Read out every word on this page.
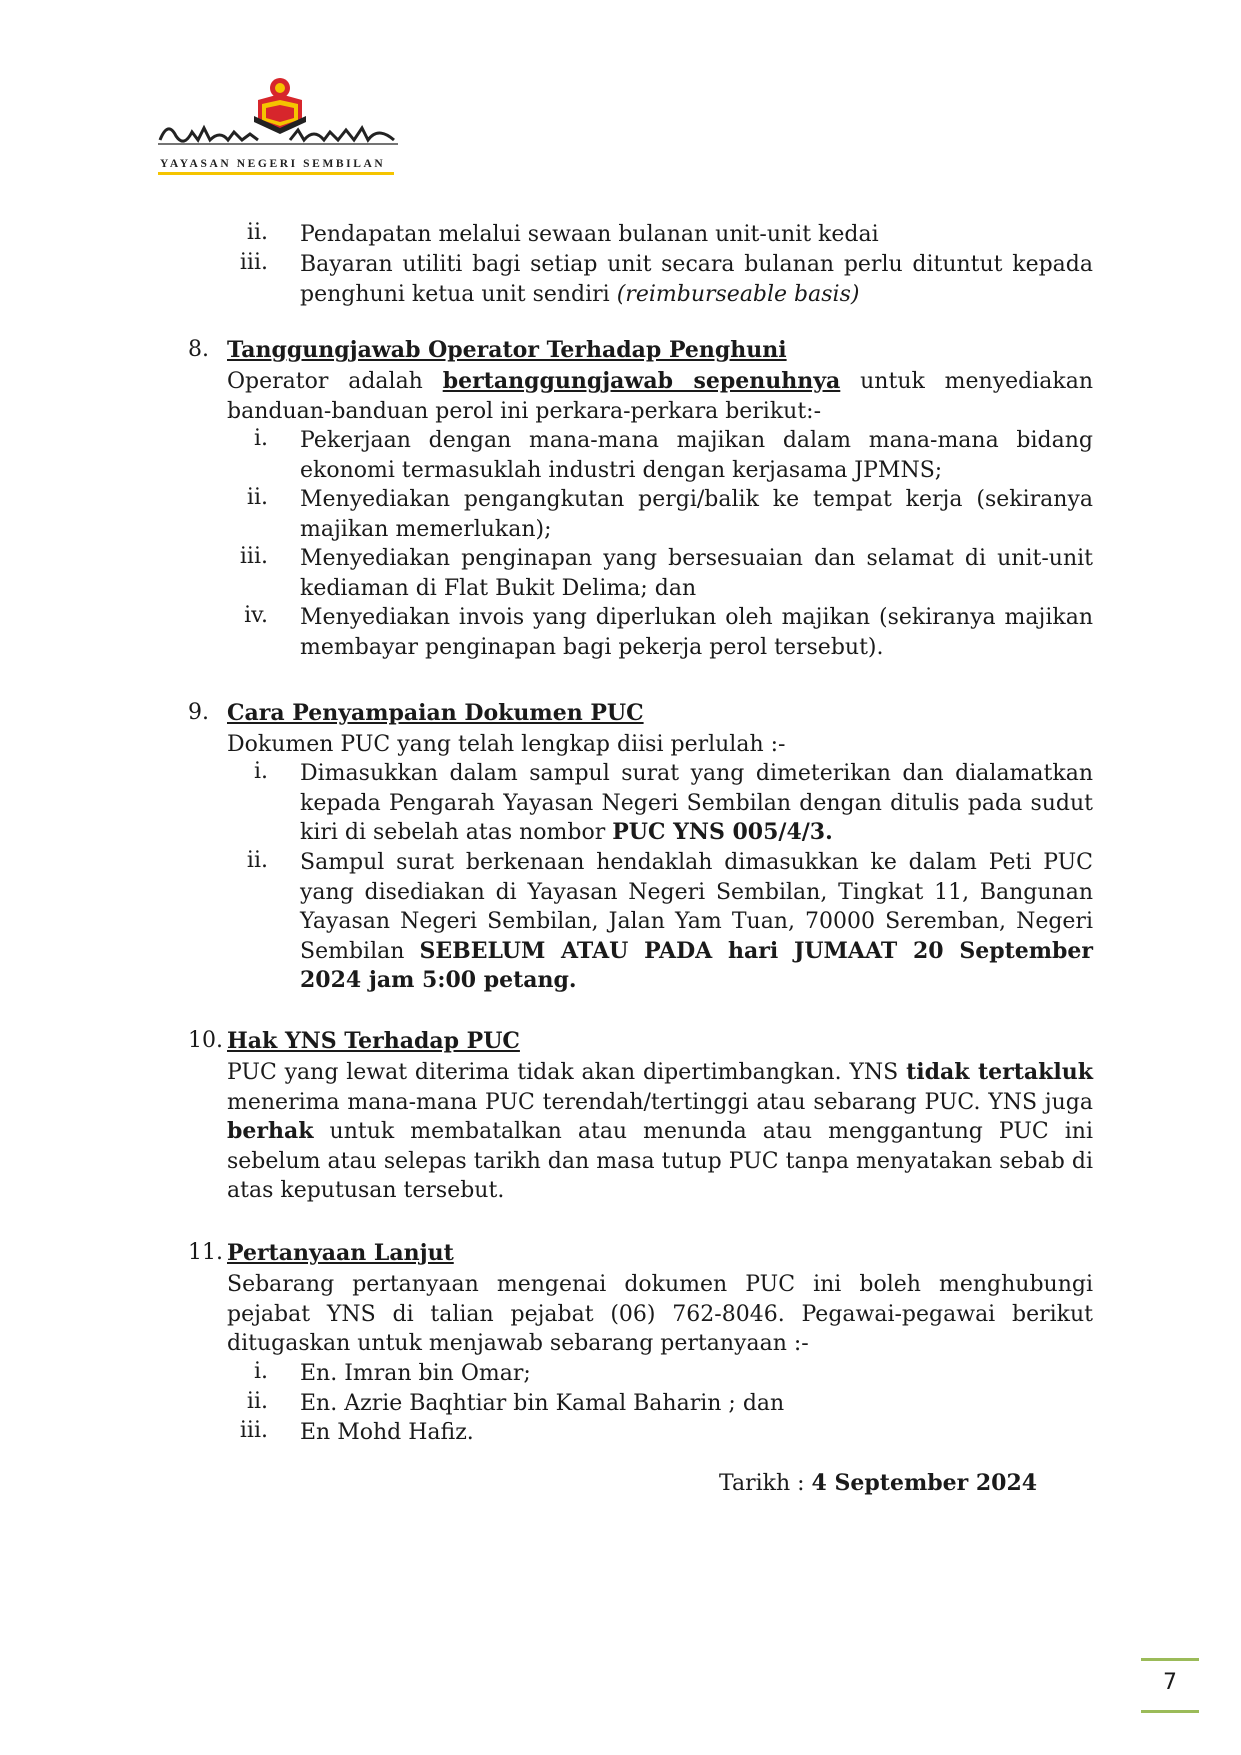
YAYASAN NEGERI SEMBILAN
ii. Pendapatan melalui sewaan bulanan unit-unit kedai
iii. Bayaran utiliti bagi setiap unit secara bulanan perlu dituntut kepada penghuni ketua unit sendiri (reimburseable basis)
8. Tanggungjawab Operator Terhadap Penghuni
Operator adalah bertanggungjawab sepenuhnya untuk menyediakan banduan-banduan perol ini perkara-perkara berikut:-
i. Pekerjaan dengan mana-mana majikan dalam mana-mana bidang ekonomi termasuklah industri dengan kerjasama JPMNS;
ii. Menyediakan pengangkutan pergi/balik ke tempat kerja (sekiranya majikan memerlukan);
iii. Menyediakan penginapan yang bersesuaian dan selamat di unit-unit kediaman di Flat Bukit Delima; dan
iv. Menyediakan invois yang diperlukan oleh majikan (sekiranya majikan membayar penginapan bagi pekerja perol tersebut).
9. Cara Penyampaian Dokumen PUC
Dokumen PUC yang telah lengkap diisi perlulah :-
i. Dimasukkan dalam sampul surat yang dimeterikan dan dialamatkan kepada Pengarah Yayasan Negeri Sembilan dengan ditulis pada sudut kiri di sebelah atas nombor PUC YNS 005/4/3.
ii. Sampul surat berkenaan hendaklah dimasukkan ke dalam Peti PUC yang disediakan di Yayasan Negeri Sembilan, Tingkat 11, Bangunan Yayasan Negeri Sembilan, Jalan Yam Tuan, 70000 Seremban, Negeri Sembilan SEBELUM ATAU PADA hari JUMAAT 20 September 2024 jam 5:00 petang.
10. Hak YNS Terhadap PUC
PUC yang lewat diterima tidak akan dipertimbangkan. YNS tidak tertakluk menerima mana-mana PUC terendah/tertinggi atau sebarang PUC. YNS juga berhak untuk membatalkan atau menunda atau menggantung PUC ini sebelum atau selepas tarikh dan masa tutup PUC tanpa menyatakan sebab di atas keputusan tersebut.
11. Pertanyaan Lanjut
Sebarang pertanyaan mengenai dokumen PUC ini boleh menghubungi pejabat YNS di talian pejabat (06) 762-8046. Pegawai-pegawai berikut ditugaskan untuk menjawab sebarang pertanyaan :-
i. En. Imran bin Omar;
ii. En. Azrie Baqhtiar bin Kamal Baharin ; dan
iii. En Mohd Hafiz.
Tarikh : 4 September 2024
7
